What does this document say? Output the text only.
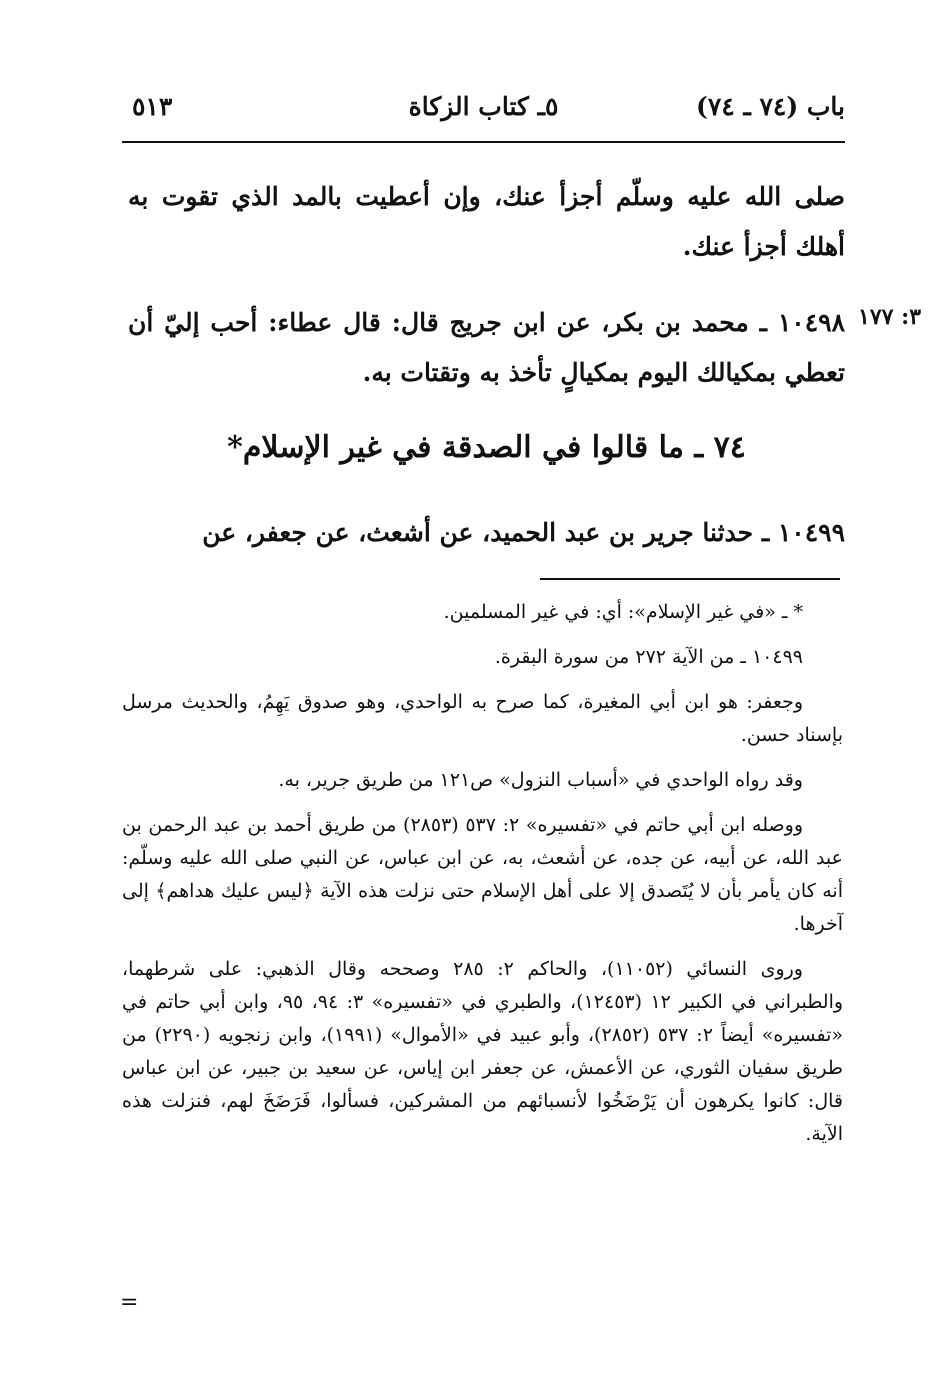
باب (٧٤ ـ ٧٤)
٥ـ كتاب الزكاة
٥١٣
صلى الله عليه وسلّم أجزأ عنك، وإن أعطيت بالمد الذي تقوت به أهلك أجزأ عنك.
٣: ١٧٧
١٠٤٩٨ ـ محمد بن بكر، عن ابن جريج قال: قال عطاء: أحب إليّ أن تعطي بمكيالك اليوم بمكيالٍ تأخذ به وتقتات به.
٧٤ ـ ما قالوا في الصدقة في غير الإسلام*
١٠٤٩٩ ـ حدثنا جرير بن عبد الحميد، عن أشعث، عن جعفر، عن

* ـ «في غير الإسلام»: أي: في غير المسلمين.

١٠٤٩٩ ـ من الآية ٢٧٢ من سورة البقرة.

وجعفر: هو ابن أبي المغيرة، كما صرح به الواحدي، وهو صدوق يَهِمُ، والحديث مرسل بإسناد حسن.

وقد رواه الواحدي في «أسباب النزول» ص١٢١ من طريق جرير، به.

ووصله ابن أبي حاتم في «تفسيره» ٢: ٥٣٧ (٢٨٥٣) من طريق أحمد بن عبد الرحمن بن عبد الله، عن أبيه، عن جده، عن أشعث، به، عن ابن عباس، عن النبي صلى الله عليه وسلّم: أنه كان يأمر بأن لا يُتَصدق إلا على أهل الإسلام حتى نزلت هذه الآية ﴿ليس عليك هداهم﴾ إلى آخرها.

وروى النسائي (١١٠٥٢)، والحاكم ٢: ٢٨٥ وصححه وقال الذهبي: على شرطهما، والطبراني في الكبير ١٢ (١٢٤٥٣)، والطبري في «تفسيره» ٣: ٩٤، ٩٥، وابن أبي حاتم في «تفسيره» أيضاً ٢: ٥٣٧ (٢٨٥٢)، وأبو عبيد في «الأموال» (١٩٩١)، وابن زنجويه (٢٢٩٠) من طريق سفيان الثوري، عن الأعمش، عن جعفر ابن إياس، عن سعيد بن جبير، عن ابن عباس قال: كانوا يكرهون أن يَرْضَخُوا لأنسبائهم من المشركين، فسألوا، فَرَضَخَ لهم، فنزلت هذه الآية.

=
